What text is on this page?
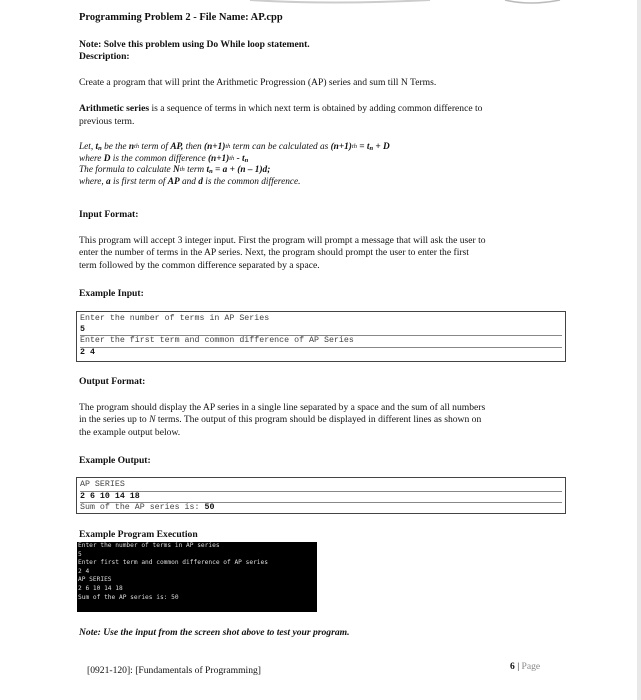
Programming Problem 2 - File Name: AP.cpp
Note: Solve this problem using Do While loop statement.
Description:
Create a program that will print the Arithmetic Progression (AP) series and sum till N Terms.
Arithmetic series is a sequence of terms in which next term is obtained by adding common difference to
previous term.
Let, tn be the $n^{th}$ term of AP, then $(n+1)^{th}$ term can be calculated as $(n+1)^{th}$ = tn + D
where D is the common difference $(n+1)^{th}$ - tn
The formula to calculate $N^{th}$ term tn = a + (n – 1)d;
where, a is first term of AP and d is the common difference.
Input Format:
This program will accept 3 integer input. First the program will prompt a message that will ask the user to
enter the number of terms in the AP series. Next, the program should prompt the user to enter the first
term followed by the common difference separated by a space.
Example Input:
Enter the number of terms in AP Series
5
Enter the first term and common difference of AP Series
2 4
Output Format:
The program should display the AP series in a single line separated by a space and the sum of all numbers
in the series up to N terms. The output of this program should be displayed in different lines as shown on
the example output below.
Example Output:
AP SERIES
2 6 10 14 18
Sum of the AP series is: 50
Example Program Execution
Enter the number of terms in AP series
5
Enter first term and common difference of AP series
2 4
AP SERIES
2 6 10 14 18
Sum of the AP series is: 50
Note: Use the input from the screen shot above to test your program.
[0921-120]: [Fundamentals of Programming]	6 | Page
